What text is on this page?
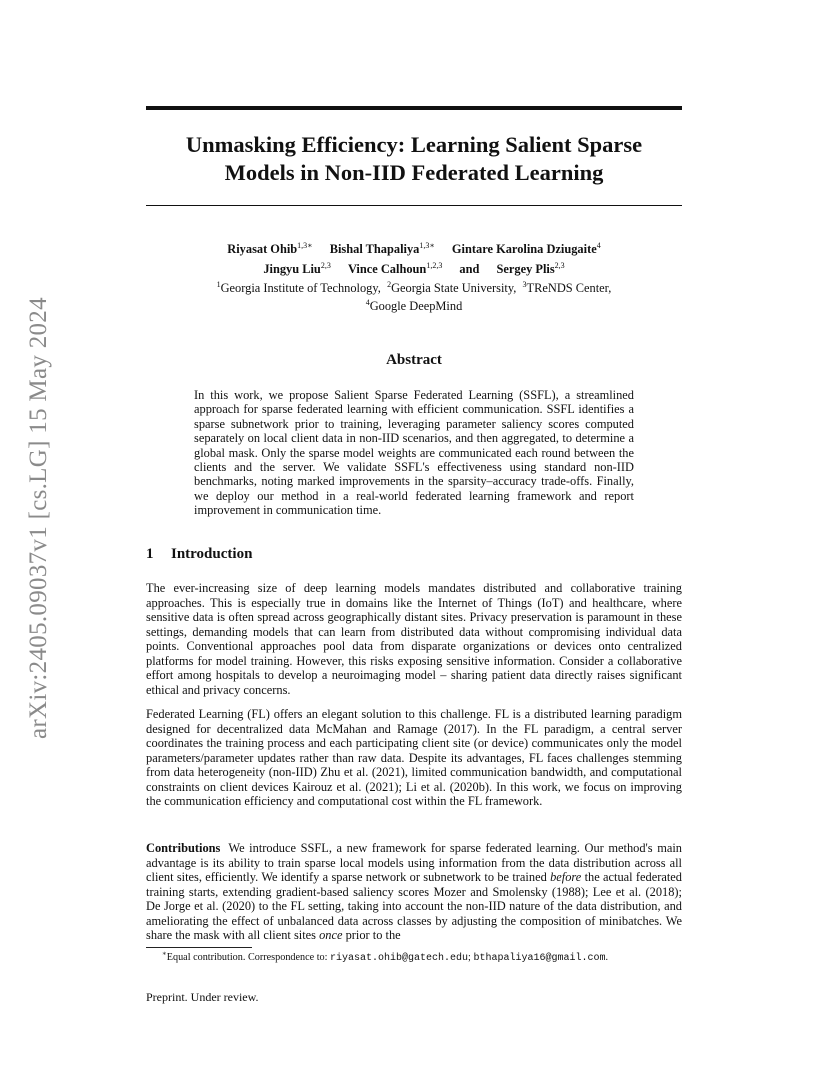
arXiv:2405.09037v1 [cs.LG] 15 May 2024
Unmasking Efficiency: Learning Salient Sparse
Models in Non-IID Federated Learning
Riyasat Ohib$^{1,3∗}$ Bishal Thapaliya$^{1,3∗}$ Gintare Karolina Dziugaite$^4$
Jingyu Liu$^{2,3}$ Vince Calhoun$^{1,2,3}$ and Sergey Plis$^{2,3}$
$^1$Georgia Institute of Technology, $^2$Georgia State University, $^3$TReNDS Center,
$^4$Google DeepMind
Abstract
In this work, we propose Salient Sparse Federated Learning (SSFL), a streamlined approach for sparse federated learning with efficient communication. SSFL identifies a sparse subnetwork prior to training, leveraging parameter saliency scores computed separately on local client data in non-IID scenarios, and then aggregated, to determine a global mask. Only the sparse model weights are communicated each round between the clients and the server. We validate SSFL's effectiveness using standard non-IID benchmarks, noting marked improvements in the sparsity–accuracy trade-offs. Finally, we deploy our method in a real-world federated learning framework and report improvement in communication time.
1 Introduction
The ever-increasing size of deep learning models mandates distributed and collaborative training approaches. This is especially true in domains like the Internet of Things (IoT) and healthcare, where sensitive data is often spread across geographically distant sites. Privacy preservation is paramount in these settings, demanding models that can learn from distributed data without compromising individual data points. Conventional approaches pool data from disparate organizations or devices onto centralized platforms for model training. However, this risks exposing sensitive information. Consider a collaborative effort among hospitals to develop a neuroimaging model – sharing patient data directly raises significant ethical and privacy concerns.
Federated Learning (FL) offers an elegant solution to this challenge. FL is a distributed learning paradigm designed for decentralized data McMahan and Ramage (2017). In the FL paradigm, a central server coordinates the training process and each participating client site (or device) communicates only the model parameters/parameter updates rather than raw data. Despite its advantages, FL faces challenges stemming from data heterogeneity (non-IID) Zhu et al. (2021), limited communication bandwidth, and computational constraints on client devices Kairouz et al. (2021); Li et al. (2020b). In this work, we focus on improving the communication efficiency and computational cost within the FL framework.
Contributions We introduce SSFL, a new framework for sparse federated learning. Our method's main advantage is its ability to train sparse local models using information from the data distribution across all client sites, efficiently. We identify a sparse network or subnetwork to be trained before the actual federated training starts, extending gradient-based saliency scores Mozer and Smolensky (1988); Lee et al. (2018); De Jorge et al. (2020) to the FL setting, taking into account the non-IID nature of the data distribution, and ameliorating the effect of unbalanced data across classes by adjusting the composition of minibatches. We share the mask with all client sites once prior to the
∗Equal contribution. Correspondence to: riyasat.ohib@gatech.edu; bthapaliya16@gmail.com.
Preprint. Under review.
